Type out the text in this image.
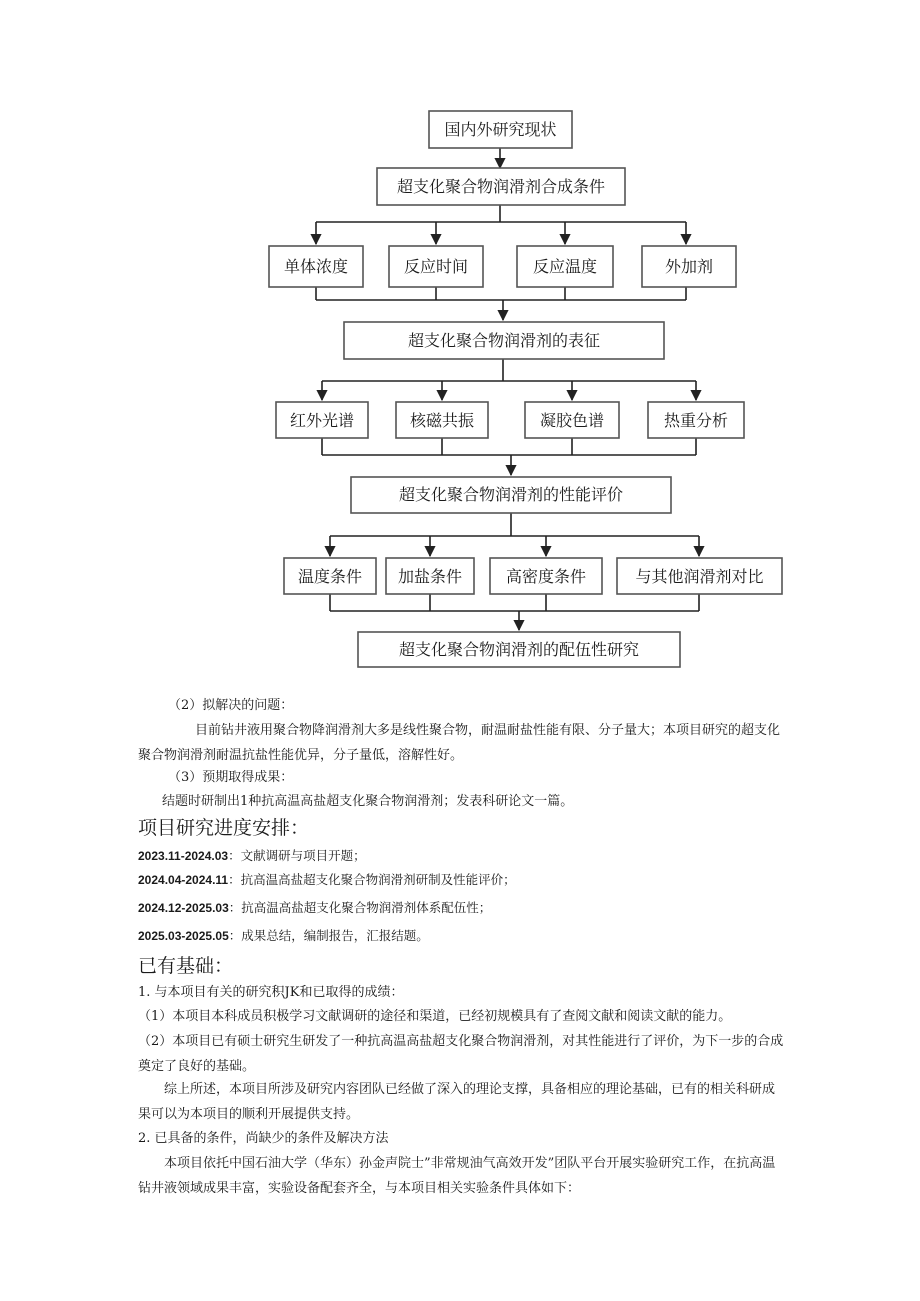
国内外研究现状
超支化聚合物润滑剂合成条件
单体浓度	反应时间	反应温度	外加剂
超支化聚合物润滑剂的表征
红外光谱	核磁共振	凝胶色谱	热重分析
超支化聚合物润滑剂的性能评价
温度条件 加盐条件	高密度条件	与其他润滑剂对比
超支化聚合物润滑剂的配伍性研究
（2）拟解决的问题：
目前钻井液用聚合物降润滑剂大多是线性聚合物，耐温耐盐性能有限、分子量大；本项目研究的超支化聚合物润滑剂耐温抗盐性能优异，分子量低，溶解性好。
（3）预期取得成果：
结题时研制出1种抗高温高盐超支化聚合物润滑剂；发表科研论文一篇。
项目研究进度安排：
2023.11-2024.03：文献调研与项目开题；
2024.04-2024.11：抗高温高盐超支化聚合物润滑剂研制及性能评价；
2024.12-2025.03：抗高温高盐超支化聚合物润滑剂体系配伍性；
2025.03-2025.05：成果总结，编制报告，汇报结题。
已有基础：
1. 与本项目有关的研究积JK和已取得的成绩：
（1）本项目本科成员积极学习文献调研的途径和渠道，已经初规模具有了查阅文献和阅读文献的能力。
（2）本项目已有硕士研究生研发了一种抗高温高盐超支化聚合物润滑剂，对其性能进行了评价，为下一步的合成奠定了良好的基础。
综上所述，本项目所涉及研究内容团队已经做了深入的理论支撑，具备相应的理论基础，已有的相关科研成果可以为本项目的顺利开展提供支持。
2. 已具备的条件，尚缺少的条件及解决方法
本项目依托中国石油大学（华东）孙金声院士”非常规油气高效开发”团队平台开展实验研究工作，在抗高温钻井液领域成果丰富，实验设备配套齐全，与本项目相关实验条件具体如下：
